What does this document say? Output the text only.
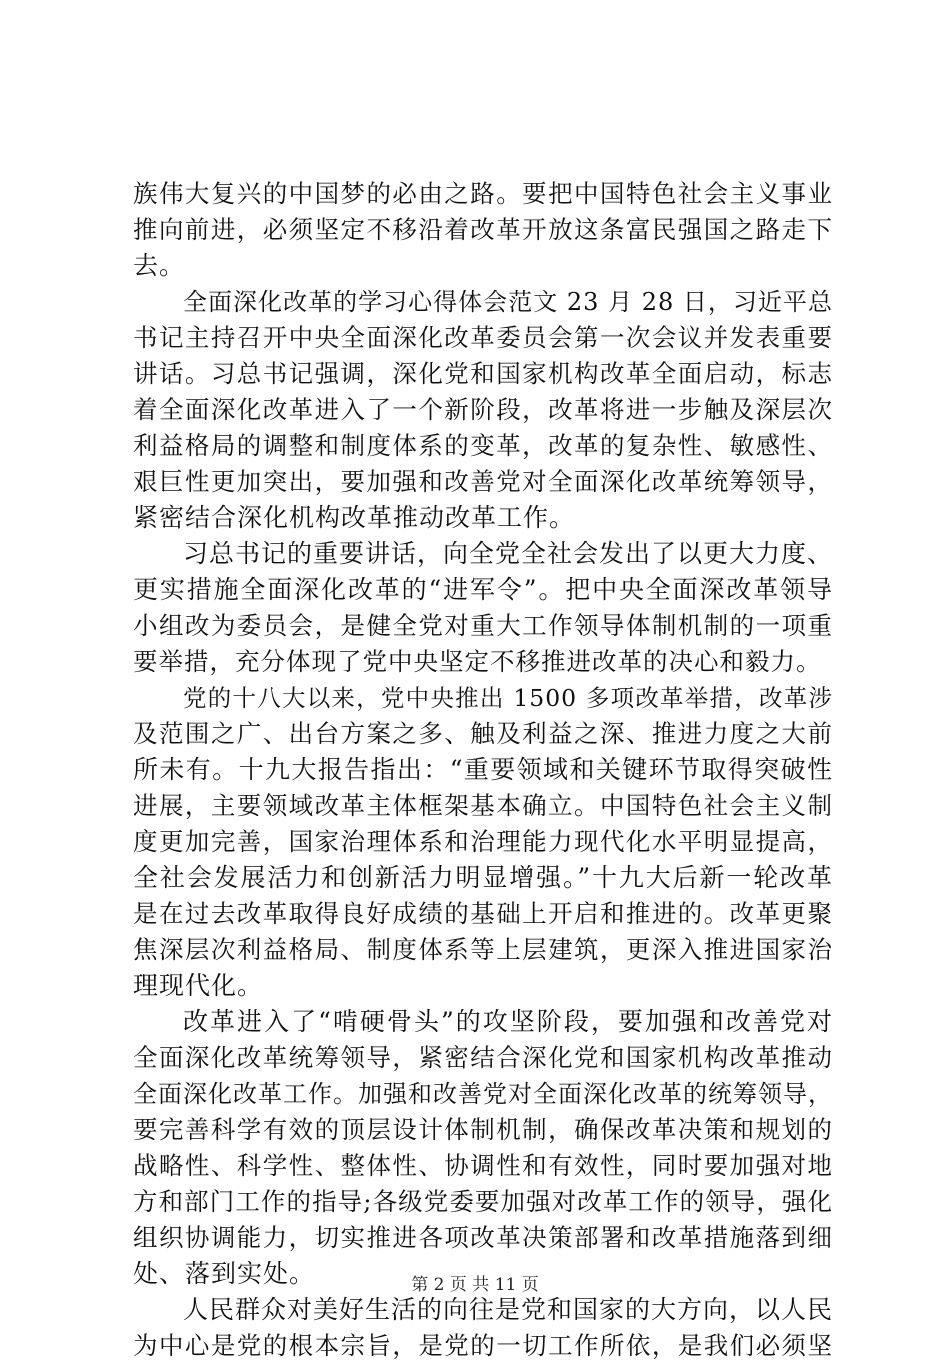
族伟大复兴的中国梦的必由之路。要把中国特色社会主义事业
推向前进，必须坚定不移沿着改革开放这条富民强国之路走下
去。
全面深化改革的学习心得体会范文 23 月 28 日，习近平总
书记主持召开中央全面深化改革委员会第一次会议并发表重要
讲话。习总书记强调，深化党和国家机构改革全面启动，标志
着全面深化改革进入了一个新阶段，改革将进一步触及深层次
利益格局的调整和制度体系的变革，改革的复杂性、敏感性、
艰巨性更加突出，要加强和改善党对全面深化改革统筹领导，
紧密结合深化机构改革推动改革工作。
习总书记的重要讲话，向全党全社会发出了以更大力度、
更实措施全面深化改革的“进军令”。把中央全面深改革领导
小组改为委员会，是健全党对重大工作领导体制机制的一项重
要举措，充分体现了党中央坚定不移推进改革的决心和毅力。
党的十八大以来，党中央推出 1500 多项改革举措，改革涉
及范围之广、出台方案之多、触及利益之深、推进力度之大前
所未有。十九大报告指出：“重要领域和关键环节取得突破性
进展，主要领域改革主体框架基本确立。中国特色社会主义制
度更加完善，国家治理体系和治理能力现代化水平明显提高，
全社会发展活力和创新活力明显增强。”十九大后新一轮改革
是在过去改革取得良好成绩的基础上开启和推进的。改革更聚
焦深层次利益格局、制度体系等上层建筑，更深入推进国家治
理现代化。
改革进入了“啃硬骨头”的攻坚阶段，要加强和改善党对
全面深化改革统筹领导，紧密结合深化党和国家机构改革推动
全面深化改革工作。加强和改善党对全面深化改革的统筹领导，
要完善科学有效的顶层设计体制机制，确保改革决策和规划的
战略性、科学性、整体性、协调性和有效性，同时要加强对地
方和部门工作的指导;各级党委要加强对改革工作的领导，强化
组织协调能力，切实推进各项改革决策部署和改革措施落到细
处、落到实处。
人民群众对美好生活的向往是党和国家的大方向，以人民
为中心是党的根本宗旨，是党的一切工作所依，是我们必须坚
第 2 页 共 11 页
